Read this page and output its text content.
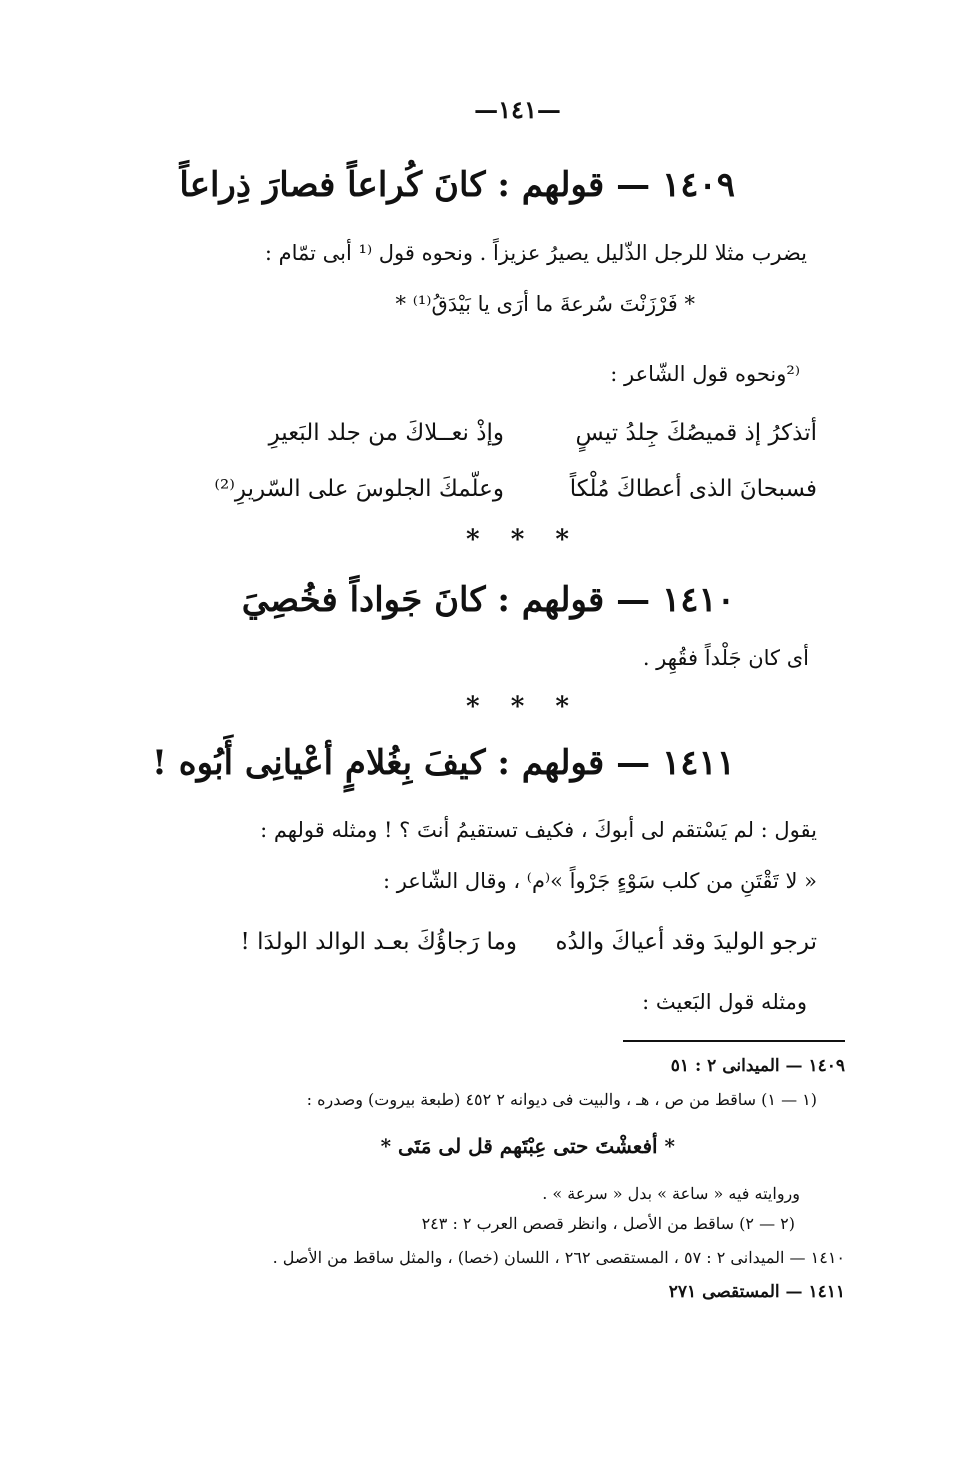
—١٤١—
١٤٠٩ — قولهم : كانَ كُراعاً فصارَ ذِراعاً
يضرب مثلا للرجل الذّليل يصيرُ عزيزاً . ونحوه قول ⁽¹ أبى تمّام :
* فَرْزَنْتَ سُرعةَ ما أرَى يا بَيْدَقُ⁽¹⁾ *
⁽²ونحوه قول الشّاعر :
أتذكرُ إذ قميصُكَ جِلدُ تيسٍ
وإذْ نعــلاكَ من جلد البَعيرِ
فسبحانَ الذى أعطاكَ مُلْكاً
وعلّمكَ الجلوسَ على السّريرِ⁽²⁾
* * *
١٤١٠ — قولهم : كانَ جَواداً فخُصِيَ
أى كان جَلْداً فقُهِر .
* * *
١٤١١ — قولهم : كيفَ بِغُلامٍ أعْيانِى أَبُوه !
يقول : لم يَسْتقم لى أبوكَ ، فكيف تستقيمُ أنتَ ؟ ! ومثله قولهم :
« لا تَقْتَنِ من كلب سَوْءٍ جَرْواً »⁽م⁾ ، وقال الشّاعر :
ترجو الوليدَ وقد أعياكَ والدُه
وما رَجاؤُكَ بعـد الوالد الولدَا !
ومثله قول البَعيث :
١٤٠٩ — الميدانى ٢ : ٥١
(١ — ١) ساقط من ص ، هـ ، والبيت فى ديوانه ٢ ٤٥٢ (طبعة بيروت) وصدره :
* أفعشْتَ حتى عِبْتَهم قل لى مَتَى *
وروايته فيه « ساعة » بدل « سرعة » .
(٢ — ٢) ساقط من الأصل ، وانظر قصص العرب ٢ : ٢٤٣
١٤١٠ — الميدانى ٢ : ٥٧ ، المستقصى ٢٦٢ ، اللسان (خصا) ، والمثل ساقط من الأصل .
١٤١١ — المستقصى ٢٧١
